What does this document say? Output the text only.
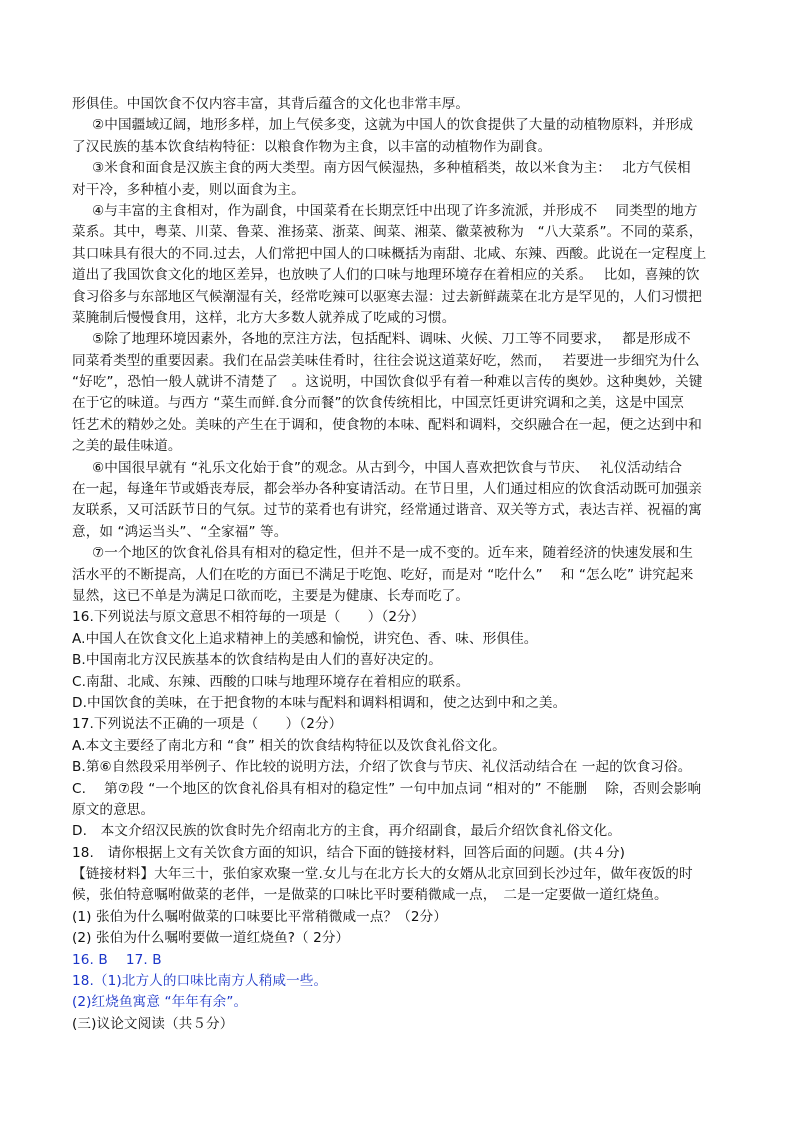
形俱佳。中国饮食不仅内容丰富，其背后蕴含的文化也非常丰厚。

②中国疆域辽阔，地形多样，加上气侯多变，这就为中国人的饮食提供了大量的动植物原料，并形成

了汉民族的基本饮食结构特征：以粮食作物为主食，以丰富的动植物作为副食。

③米食和面食是汉族主食的两大类型。南方因气候湿热，多种植稻类，故以米食为主：　 北方气侯相

对干冷，多种植小麦，则以面食为主。

④与丰富的主食相对，作为副食，中国菜肴在长期烹饪中出现了许多流派，并形成不　 同类型的地方

菜系。其中，粤菜、川菜、鲁菜、淮扬菜、浙菜、闽菜、湘菜、徽菜被称为　“八大菜系”。不同的菜系，

其口味具有很大的不同.过去，人们常把中国人的口味概括为南甜、北咸、东辣、西酸。此说在一定程度上

道出了我国饮食文化的地区差异，也放映了人们的口味与地理环境存在着相应的关系。　 比如，喜辣的饮

食习俗多与东部地区气候潮湿有关，经常吃辣可以驱寒去湿：过去新鲜蔬菜在北方是罕见的，人们习惯把

菜腌制后慢慢食用，这样，北方大多数人就养成了吃咸的习惯。

⑤除了地理环境因素外，各地的烹注方法，包括配料、调味、火候、刀工等不同要求，　 都是形成不

同菜肴类型的重要因素。我们在品尝美味佳肴时，往往会说这道菜好吃，然而，　 若要进一步细究为什么

“好吃”，恐怕一般人就讲不清楚了　。这说明，中国饮食似乎有着一种难以言传的奥妙。这种奥妙，关键

在于它的味道。与西方 “菜生而鲜.食分而餐”的饮食传统相比，中国烹饪更讲究调和之美，这是中国烹

饪艺术的精妙之处。美味的产生在于调和，使食物的本味、配料和调料，交织融合在一起，便之达到中和

之美的最佳味道。

⑥中国很早就有 “礼乐文化始于食”的观念。从古到今，中国人喜欢把饮食与节庆、　 礼仪活动结合

在一起，每逢年节或婚丧寿辰，都会举办各种宴请活动。在节日里，人们通过相应的饮食活动既可加强亲

友联系，又可活跃节日的气氛。过节的菜肴也有讲究，经常通过谐音、双关等方式，表达吉祥、祝福的寓

意，如 “鸿运当头”、“全家福” 等。

⑦一个地区的饮食礼俗具有相对的稳定性，但并不是一成不变的。近车来，随着经济的快速发展和生

活水平的不断提高，人们在吃的方面已不满足于吃饱、吃好，而是对 “吃什么”　 和 “怎么吃” 讲究起来

显然，这已不单是为满足口欲而吃，主要是为健康、长寿而吃了。

16.下列说法与原文意思不相符毎的一项是（　　）（2分）

A.中国人在饮食文化上追求精神上的美感和愉悦，讲究色、香、味、形俱佳。

B.中国南北方汉民族基本的饮食结构是由人们的喜好决定的。

C.南甜、北咸、东辣、西酸的口味与地理环境存在着相应的联系。

D.中国饮食的美味，在于把食物的本味与配料和调料相调和，使之达到中和之美。

17.下列说法不正确的一项是（　　）（2分）

A.本文主要经了南北方和 “食” 相关的饮食结构特征以及饮食礼俗文化。

B.第⑥自然段采用举例子、作比较的说明方法，介绍了饮食与节庆、礼仪活动结合在 一起的饮食习俗。

C.　 第⑦段 “一个地区的饮食礼俗具有相对的稳定性” 一句中加点词 “相对的” 不能删　 除，否则会影响

原文的意思。

D.　本文介绍汉民族的饮食时先介绍南北方的主食，再介绍副食，最后介绍饮食礼俗文化。

18.　请你根据上文有关饮食方面的知识，结合下面的链接材料，回答后面的问题。(共４分)

【链接材料】大年三十，张伯家欢聚一堂.女儿与在北方长大的女婿从北京回到长沙过年，做年夜饭的时

候，张伯特意嘱咐做菜的老伴，一是做菜的口味比平时要稍微咸一点，　二是一定要做一道红烧鱼。

(1) 张伯为什么嘱咐做菜的口味要比平常稍微咸一点？（2分）

(2) 张伯为什么嘱咐要做一道红烧鱼?（ 2分）

16. B　 17. B

18.（1)北方人的口味比南方人稍咸一些。

(2)红烧鱼寓意 “年年有余”。

(三)议论文阅读（共５分）
